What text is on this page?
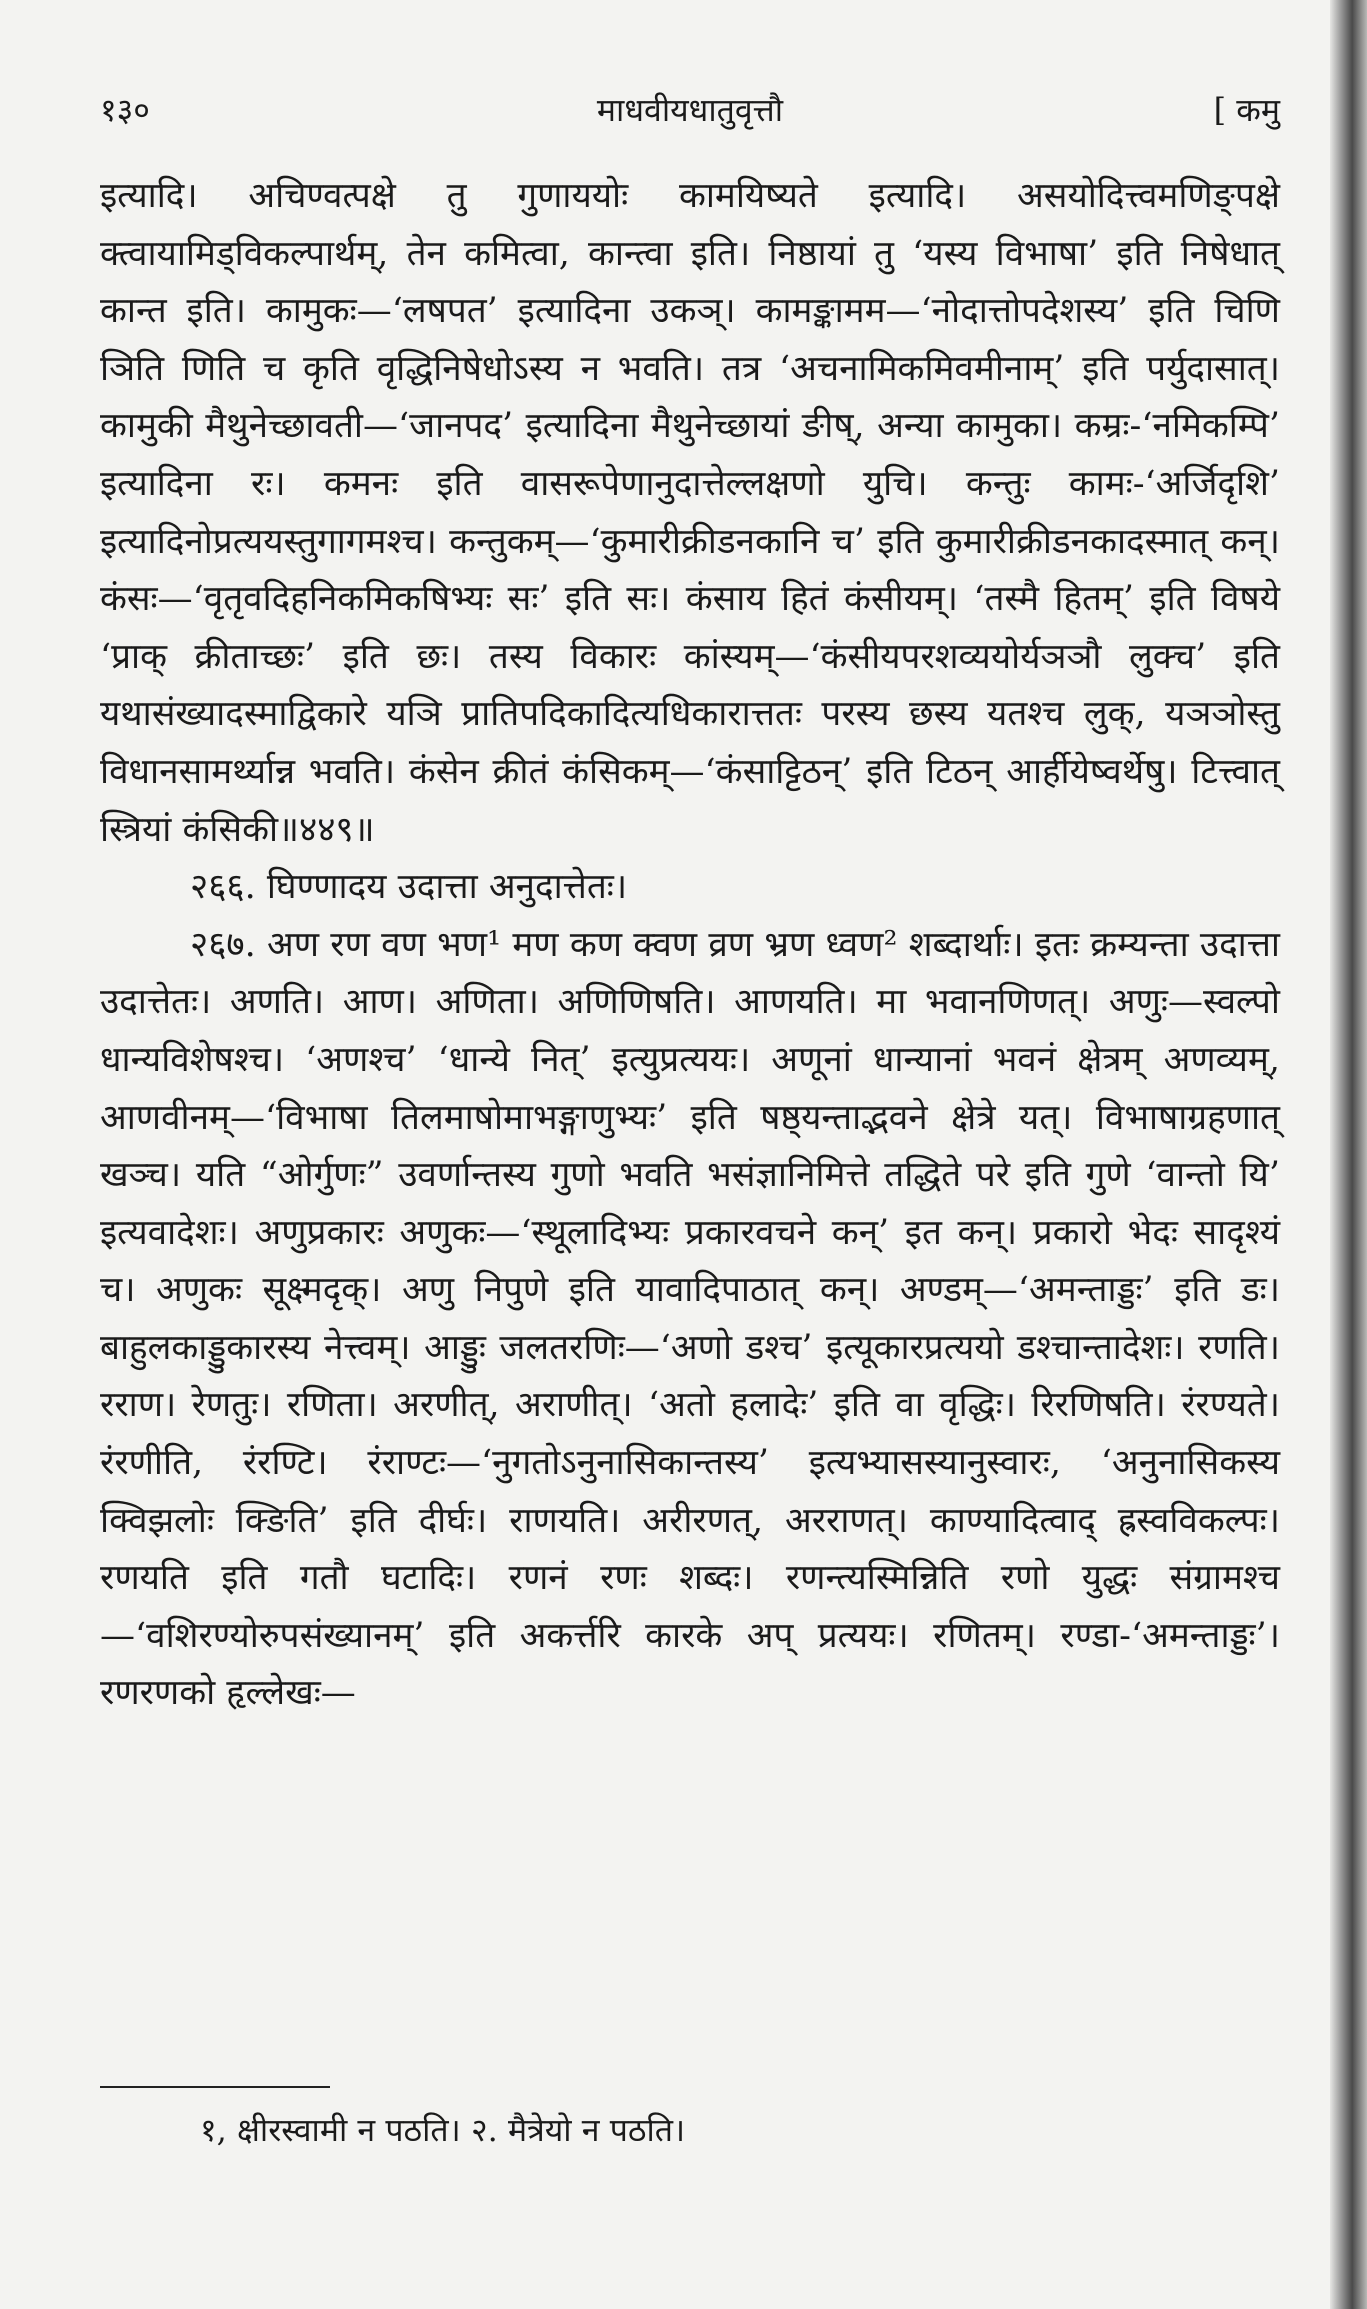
१३०	माधवीयधातुवृत्तौ	[ कमु

इत्यादि। अचिण्वत्पक्षे तु गुणाययोः कामयिष्यते इत्यादि। असयोदित्त्वमणिङ्पक्षे क्त्वायामिड्विकल्पार्थम्, तेन कमित्वा, कान्त्वा इति। निष्ठायां तु ‘यस्य विभाषा’ इति निषेधात् कान्त इति। कामुकः—‘लषपत’ इत्यादिना उकञ्। कामङ्कामम—‘नोदात्तोपदेशस्य’ इति चिणि ञिति णिति च कृति वृद्धिनिषेधोऽस्य न भवति। तत्र ‘अचनामिकमिवमीनाम्’ इति पर्युदासात्। कामुकी मैथुनेच्छावती—‘जानपद’ इत्यादिना मैथुनेच्छायां ङीष्, अन्या कामुका। कम्रः-‘नमिकम्पि’ इत्यादिना रः। कमनः इति वासरूपेणानुदात्तेल्लक्षणो युचि। कन्तुः कामः-‘अर्जिदृशि’ इत्यादिनोप्रत्ययस्तुगागमश्च। कन्तुकम्—‘कुमारीक्रीडनकानि च’ इति कुमारीक्रीडनकादस्मात् कन्। कंसः—‘वृतृवदिहनिकमिकषिभ्यः सः’ इति सः। कंसाय हितं कंसीयम्। ‘तस्मै हितम्’ इति विषये ‘प्राक् क्रीताच्छः’ इति छः। तस्य विकारः कांस्यम्—‘कंसीयपरशव्ययोर्यञञौ लुक्च’ इति यथासंख्यादस्माद्विकारे यञि प्रातिपदिकादित्यधिकारात्ततः परस्य छस्य यतश्च लुक्, यञञोस्तु विधानसामर्थ्यान्न भवति। कंसेन क्रीतं कंसिकम्—‘कंसाट्टिठन्’ इति टिठन् आर्हीयेष्वर्थेषु। टित्त्वात् स्त्रियां कंसिकी॥४४९॥

२६६. घिण्णादय उदात्ता अनुदात्तेतः।

२६७. अण रण वण भण¹ मण कण क्वण व्रण भ्रण ध्वण² शब्दार्थाः। इतः क्रम्यन्ता उदात्ता उदात्तेतः। अणति। आण। अणिता। अणिणिषति। आणयति। मा भवानणिणत्। अणुः—स्वल्पो धान्यविशेषश्च। ‘अणश्च’ ‘धान्ये नित्’ इत्युप्रत्ययः। अणूनां धान्यानां भवनं क्षेत्रम् अणव्यम्, आणवीनम्—‘विभाषा तिलमाषोमाभङ्गाणुभ्यः’ इति षष्ठ्यन्ताद्भवने क्षेत्रे यत्। विभाषाग्रहणात् खञ्च। यति “ओर्गुणः” उवर्णान्तस्य गुणो भवति भसंज्ञानिमित्ते तद्धिते परे इति गुणे ‘वान्तो यि’ इत्यवादेशः। अणुप्रकारः अणुकः—‘स्थूलादिभ्यः प्रकारवचने कन्’ इत कन्। प्रकारो भेदः सादृश्यं च। अणुकः सूक्ष्मदृक्। अणु निपुणे इति यावादिपाठात् कन्। अण्डम्—‘अमन्ताड्डः’ इति डः। बाहुलकाड्डुकारस्य नेत्त्वम्। आड्डुः जलतरणिः—‘अणो डश्च’ इत्यूकारप्रत्ययो डश्चान्तादेशः। रणति। रराण। रेणतुः। रणिता। अरणीत्, अराणीत्। ‘अतो हलादेः’ इति वा वृद्धिः। रिरणिषति। रंरण्यते। रंरणीति, रंरण्टि। रंराण्टः—‘नुगतोऽनुनासिकान्तस्य’ इत्यभ्यासस्यानुस्वारः, ‘अनुनासिकस्य क्विझलोः क्ङिति’ इति दीर्घः। राणयति। अरीरणत्, अरराणत्। काण्यादित्वाद् ह्रस्वविकल्पः। रणयति इति गतौ घटादिः। रणनं रणः शब्दः। रणन्त्यस्मिन्निति रणो युद्धः संग्रामश्च—‘वशिरण्योरुपसंख्यानम्’ इति अकर्त्तरि कारके अप् प्रत्ययः। रणितम्। रण्डा-‘अमन्ताड्डः’। रणरणको हृल्लेखः—

१, क्षीरस्वामी न पठति। २. मैत्रेयो न पठति।
